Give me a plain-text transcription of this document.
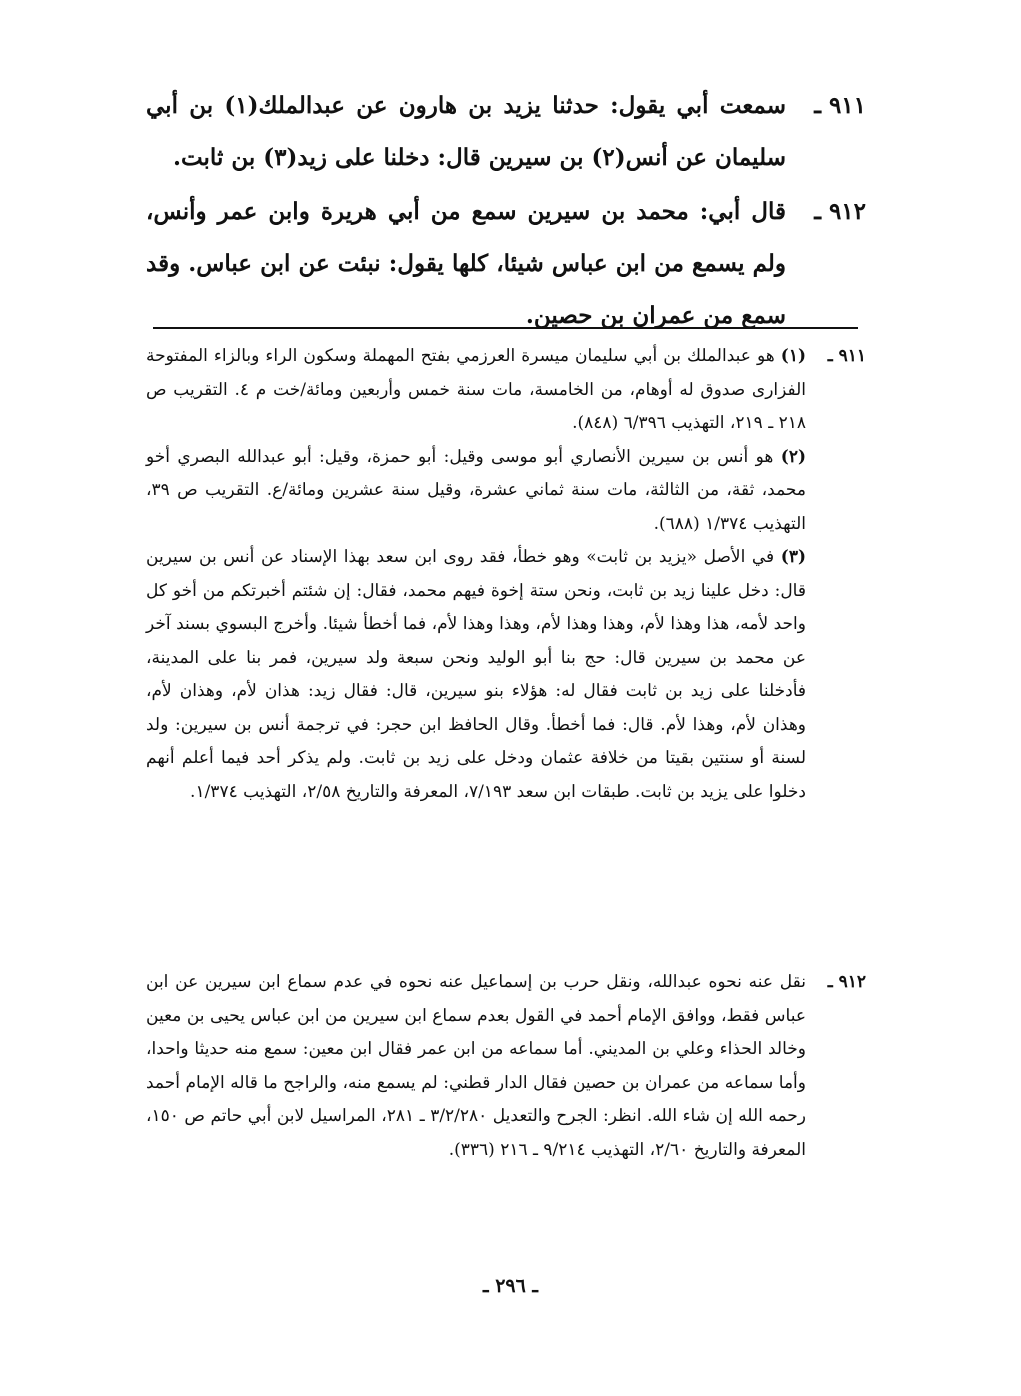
٩١١ ـ
سمعت أبي يقول: حدثنا يزيد بن هارون عن عبدالملك(١) بن أبي سليمان عن أنس(٢) بن سيرين قال: دخلنا على زيد(٣) بن ثابت.
٩١٢ ـ
قال أبي: محمد بن سيرين سمع من أبي هريرة وابن عمر وأنس، ولم يسمع من ابن عباس شيئا، كلها يقول: نبئت عن ابن عباس. وقد سمع من عمران بن حصين.
٩١١ ـ
(١) هو عبدالملك بن أبي سليمان ميسرة العرزمي بفتح المهملة وسكون الراء وبالزاء المفتوحة الفزارى صدوق له أوهام، من الخامسة، مات سنة خمس وأربعين ومائة/خت م ٤. التقريب ص ٢١٨ ـ ٢١٩، التهذيب ٦/٣٩٦ (٨٤٨).
(٢) هو أنس بن سيرين الأنصاري أبو موسى وقيل: أبو حمزة، وقيل: أبو عبدالله البصري أخو محمد، ثقة، من الثالثة، مات سنة ثماني عشرة، وقيل سنة عشرين ومائة/ع. التقريب ص ٣٩، التهذيب ١/٣٧٤ (٦٨٨).
(٣) في الأصل «يزيد بن ثابت» وهو خطأ، فقد روى ابن سعد بهذا الإسناد عن أنس بن سيرين قال: دخل علينا زيد بن ثابت، ونحن ستة إخوة فيهم محمد، فقال: إن شئتم أخبرتكم من أخو كل واحد لأمه، هذا وهذا لأم، وهذا وهذا لأم، وهذا وهذا لأم، فما أخطأ شيئا. وأخرج البسوي بسند آخر عن محمد بن سيرين قال: حج بنا أبو الوليد ونحن سبعة ولد سيرين، فمر بنا على المدينة، فأدخلنا على زيد بن ثابت فقال له: هؤلاء بنو سيرين، قال: فقال زيد: هذان لأم، وهذان لأم، وهذان لأم، وهذا لأم. قال: فما أخطأ. وقال الحافظ ابن حجر: في ترجمة أنس بن سيرين: ولد لسنة أو سنتين بقيتا من خلافة عثمان ودخل على زيد بن ثابت. ولم يذكر أحد فيما أعلم أنهم دخلوا على يزيد بن ثابت. طبقات ابن سعد ٧/١٩٣، المعرفة والتاريخ ٢/٥٨، التهذيب ١/٣٧٤.
٩١٢ ـ
نقل عنه نحوه عبدالله، ونقل حرب بن إسماعيل عنه نحوه في عدم سماع ابن سيرين عن ابن عباس فقط، ووافق الإمام أحمد في القول بعدم سماع ابن سيرين من ابن عباس يحيى بن معين وخالد الحذاء وعلي بن المديني. أما سماعه من ابن عمر فقال ابن معين: سمع منه حديثا واحدا، وأما سماعه من عمران بن حصين فقال الدار قطني: لم يسمع منه، والراجح ما قاله الإمام أحمد رحمه الله إن شاء الله. انظر: الجرح والتعديل ٣/٢/٢٨٠ ـ ٢٨١، المراسيل لابن أبي حاتم ص ١٥٠، المعرفة والتاريخ ٢/٦٠، التهذيب ٩/٢١٤ ـ ٢١٦ (٣٣٦).
ـ ٢٩٦ ـ
